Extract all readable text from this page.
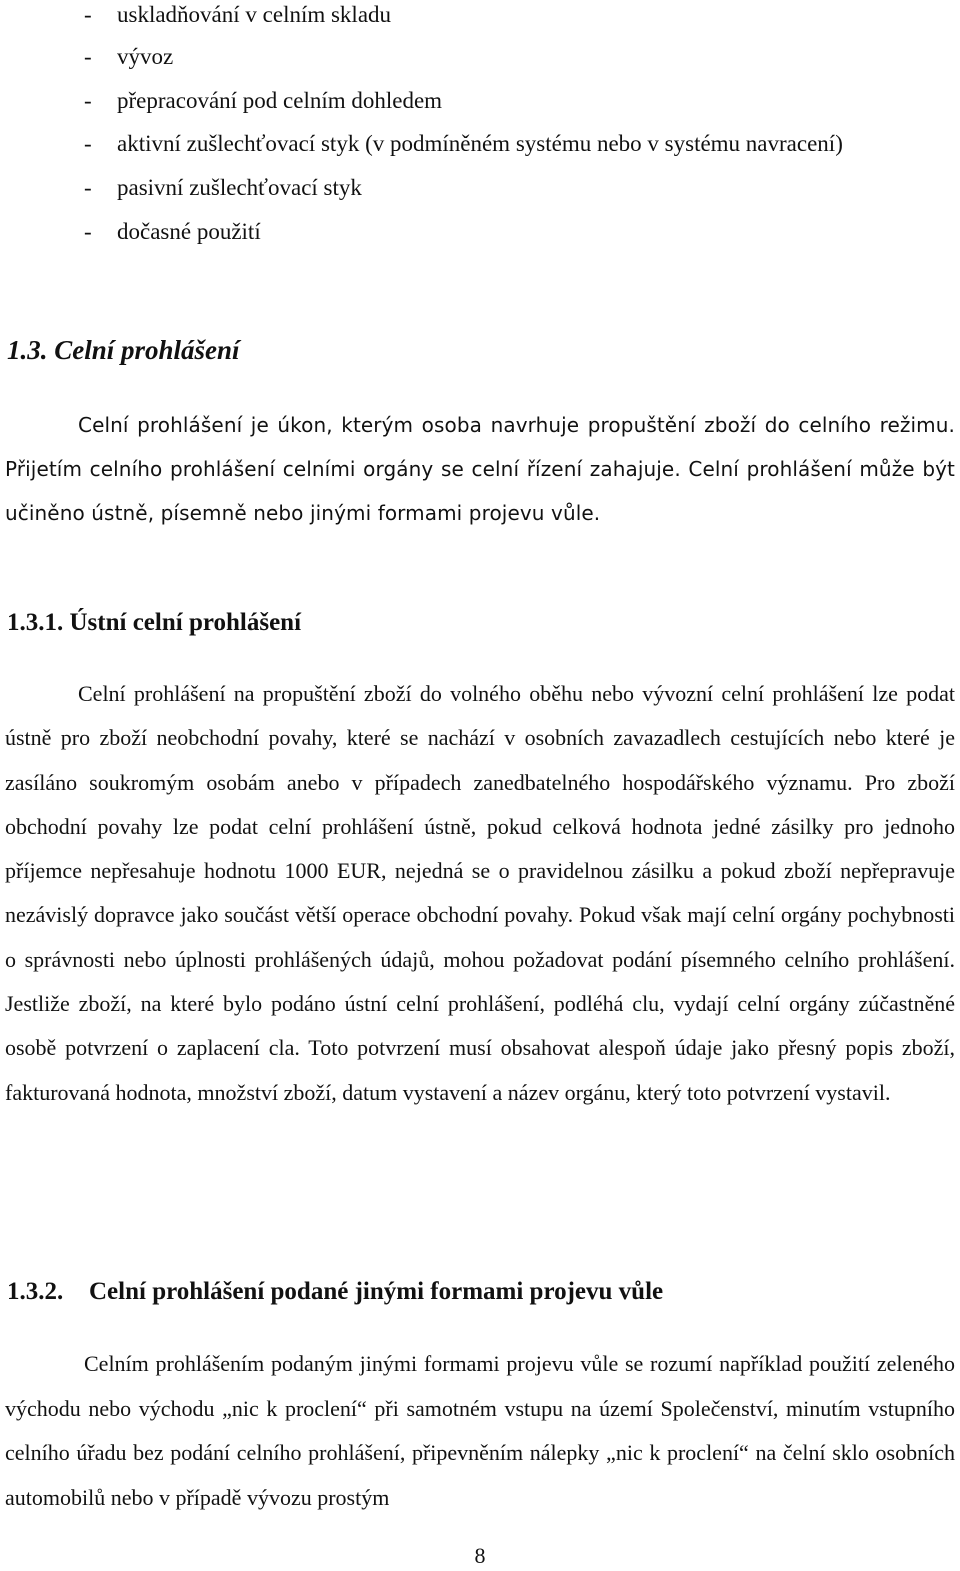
- uskladňování v celním skladu
- vývoz
- přepracování pod celním dohledem
- aktivní zušlechťovací styk (v podmíněném systému nebo v systému navracení)
- pasivní zušlechťovací styk
- dočasné použití
1.3. Celní prohlášení
Celní prohlášení je úkon, kterým osoba navrhuje propuštění zboží do celního režimu. Přijetím celního prohlášení celními orgány se celní řízení zahajuje. Celní prohlášení může být učiněno ústně, písemně nebo jinými formami projevu vůle.
1.3.1. Ústní celní prohlášení
Celní prohlášení na propuštění zboží do volného oběhu nebo vývozní celní prohlášení lze podat ústně pro zboží neobchodní povahy, které se nachází v osobních zavazadlech cestujících nebo které je zasíláno soukromým osobám anebo v případech zanedbatelného hospodářského významu. Pro zboží obchodní povahy lze podat celní prohlášení ústně, pokud celková hodnota jedné zásilky pro jednoho příjemce nepřesahuje hodnotu 1000 EUR, nejedná se o pravidelnou zásilku a pokud zboží nepřepravuje nezávislý dopravce jako součást větší operace obchodní povahy. Pokud však mají celní orgány pochybnosti o správnosti nebo úplnosti prohlášených údajů, mohou požadovat podání písemného celního prohlášení. Jestliže zboží, na které bylo podáno ústní celní prohlášení, podléhá clu, vydají celní orgány zúčastněné osobě potvrzení o zaplacení cla. Toto potvrzení musí obsahovat alespoň údaje jako přesný popis zboží, fakturovaná hodnota, množství zboží, datum vystavení a název orgánu, který toto potvrzení vystavil.
1.3.2. Celní prohlášení podané jinými formami projevu vůle
Celním prohlášením podaným jinými formami projevu vůle se rozumí například použití zeleného východu nebo východu „nic k proclení“ při samotném vstupu na území Společenství, minutím vstupního celního úřadu bez podání celního prohlášení, připevněním nálepky „nic k proclení“ na čelní sklo osobních automobilů nebo v případě vývozu prostým
8
